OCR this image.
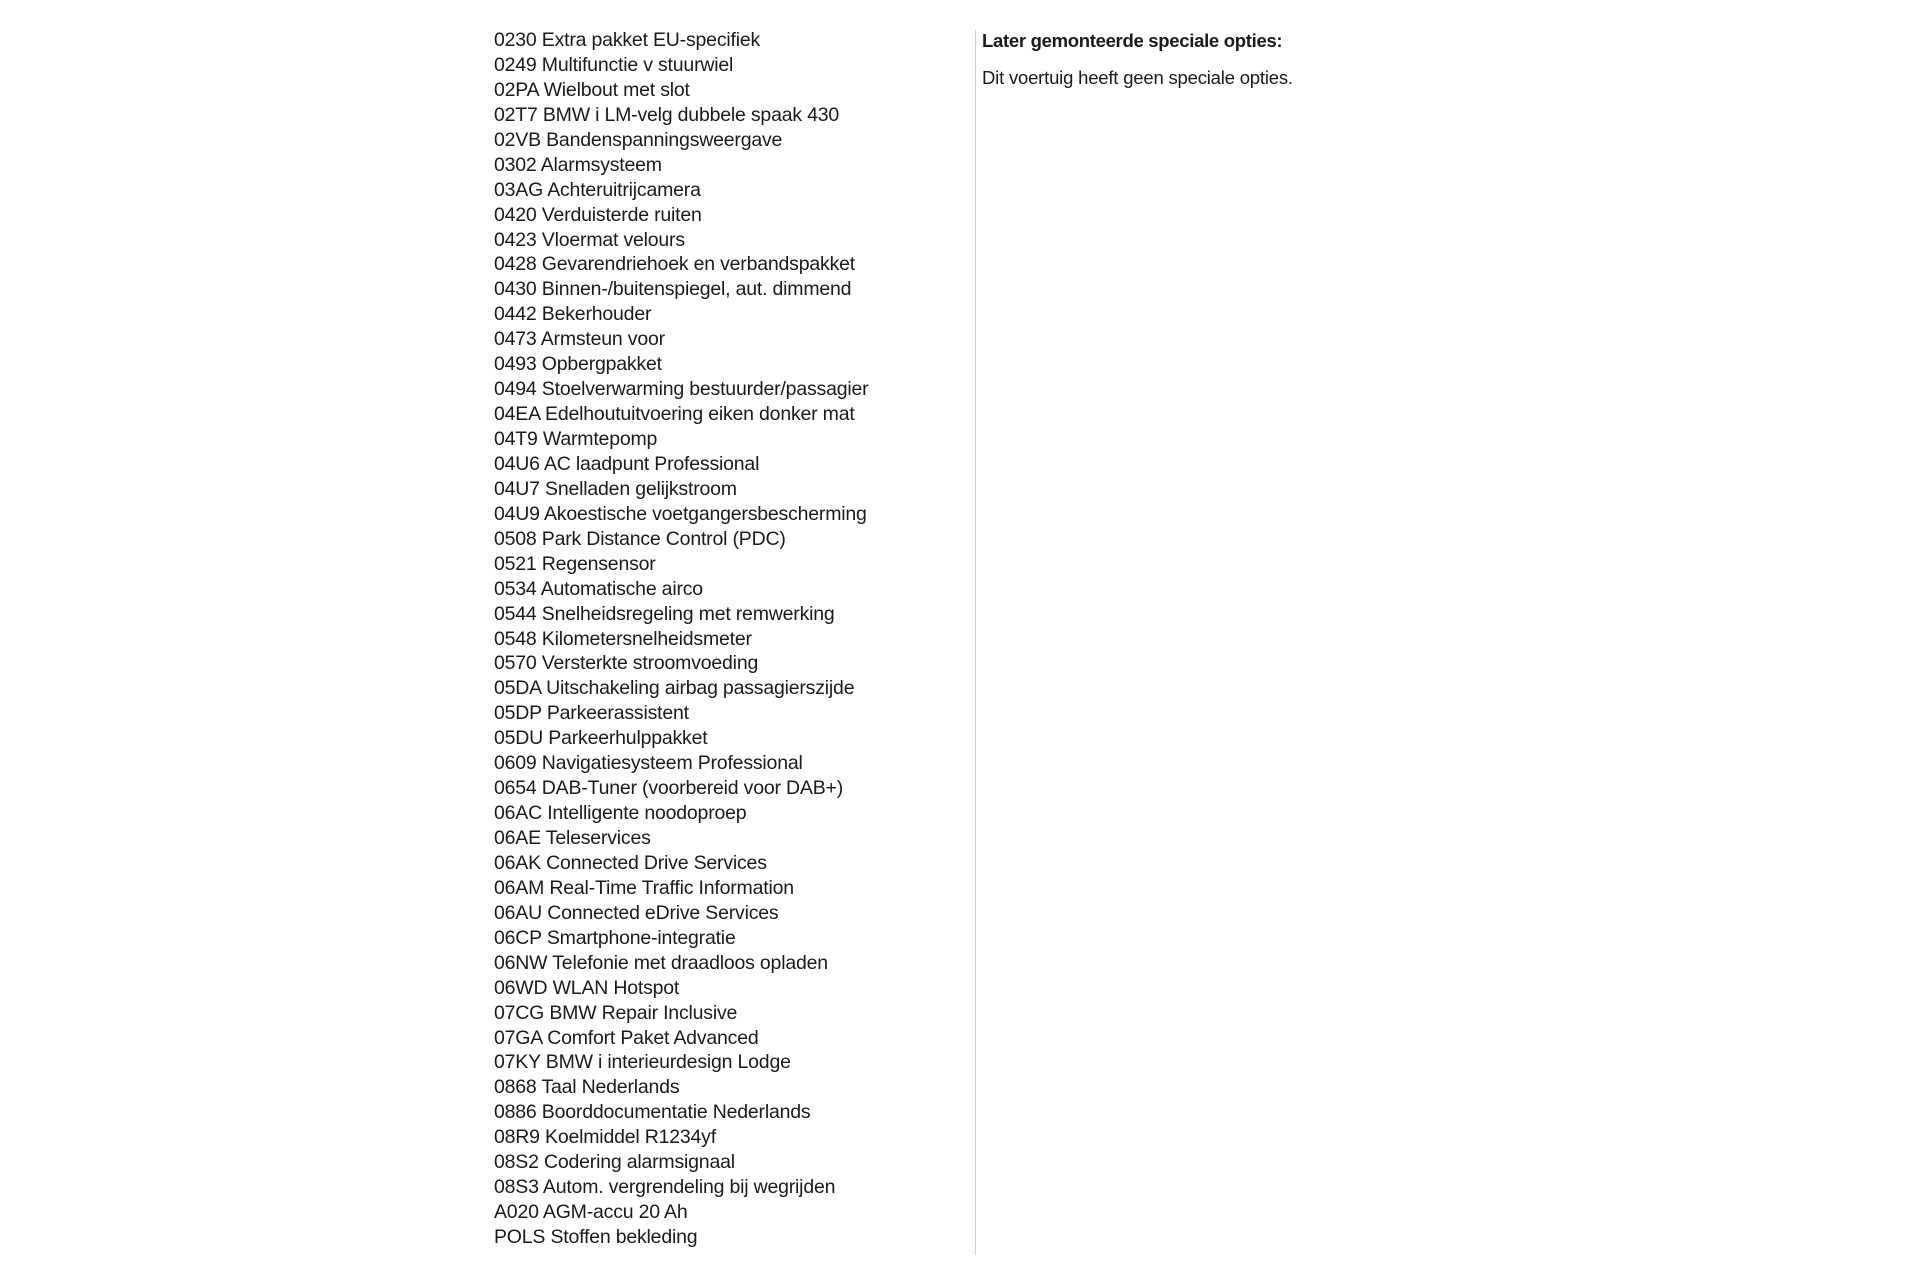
0230 Extra pakket EU-specifiek
0249 Multifunctie v stuurwiel
02PA Wielbout met slot
02T7 BMW i LM-velg dubbele spaak 430
02VB Bandenspanningsweergave
0302 Alarmsysteem
03AG Achteruitrijcamera
0420 Verduisterde ruiten
0423 Vloermat velours
0428 Gevarendriehoek en verbandspakket
0430 Binnen-/buitenspiegel, aut. dimmend
0442 Bekerhouder
0473 Armsteun voor
0493 Opbergpakket
0494 Stoelverwarming bestuurder/passagier
04EA Edelhoutuitvoering eiken donker mat
04T9 Warmtepomp
04U6 AC laadpunt Professional
04U7 Snelladen gelijkstroom
04U9 Akoestische voetgangersbescherming
0508 Park Distance Control (PDC)
0521 Regensensor
0534 Automatische airco
0544 Snelheidsregeling met remwerking
0548 Kilometersnelheidsmeter
0570 Versterkte stroomvoeding
05DA Uitschakeling airbag passagierszijde
05DP Parkeerassistent
05DU Parkeerhulppakket
0609 Navigatiesysteem Professional
0654 DAB-Tuner (voorbereid voor DAB+)
06AC Intelligente noodoproep
06AE Teleservices
06AK Connected Drive Services
06AM Real-Time Traffic Information
06AU Connected eDrive Services
06CP Smartphone-integratie
06NW Telefonie met draadloos opladen
06WD WLAN Hotspot
07CG BMW Repair Inclusive
07GA Comfort Paket Advanced
07KY BMW i interieurdesign Lodge
0868 Taal Nederlands
0886 Boorddocumentatie Nederlands
08R9 Koelmiddel R1234yf
08S2 Codering alarmsignaal
08S3 Autom. vergrendeling bij wegrijden
A020 AGM-accu 20 Ah
POLS Stoffen bekleding
Later gemonteerde speciale opties:

Dit voertuig heeft geen speciale opties.
